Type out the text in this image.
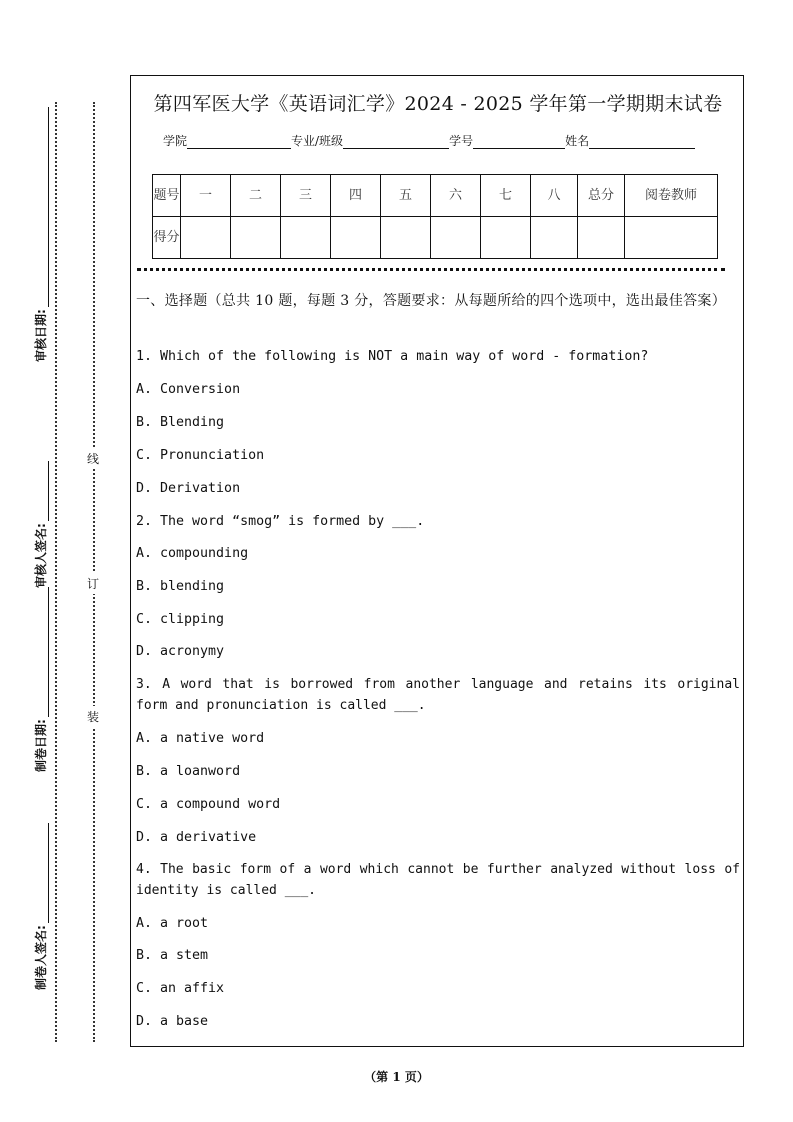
审核日期:
审核人签名:
制卷日期:
制卷人签名:
线
订
装
第四军医大学《英语词汇学》2024 - 2025 学年第一学期期末试卷
学院	专业/班级	学号	姓名
题号	一	二	三	四	五	六	七	八	总分	阅卷教师
得分										
一、选择题（总共 10 题，每题 3 分，答题要求：从每题所给的四个选项中，选出最佳答案）
1. Which of the following is NOT a main way of word - formation?
A. Conversion
B. Blending
C. Pronunciation
D. Derivation
2. The word “smog” is formed by ___.
A. compounding
B. blending
C. clipping
D. acronymy
3. A word that is borrowed from another language and retains its original form and pronunciation is called ___.
A. a native word
B. a loanword
C. a compound word
D. a derivative
4. The basic form of a word which cannot be further analyzed without loss of identity is called ___.
A. a root
B. a stem
C. an affix
D. a base
（第 1 页）
